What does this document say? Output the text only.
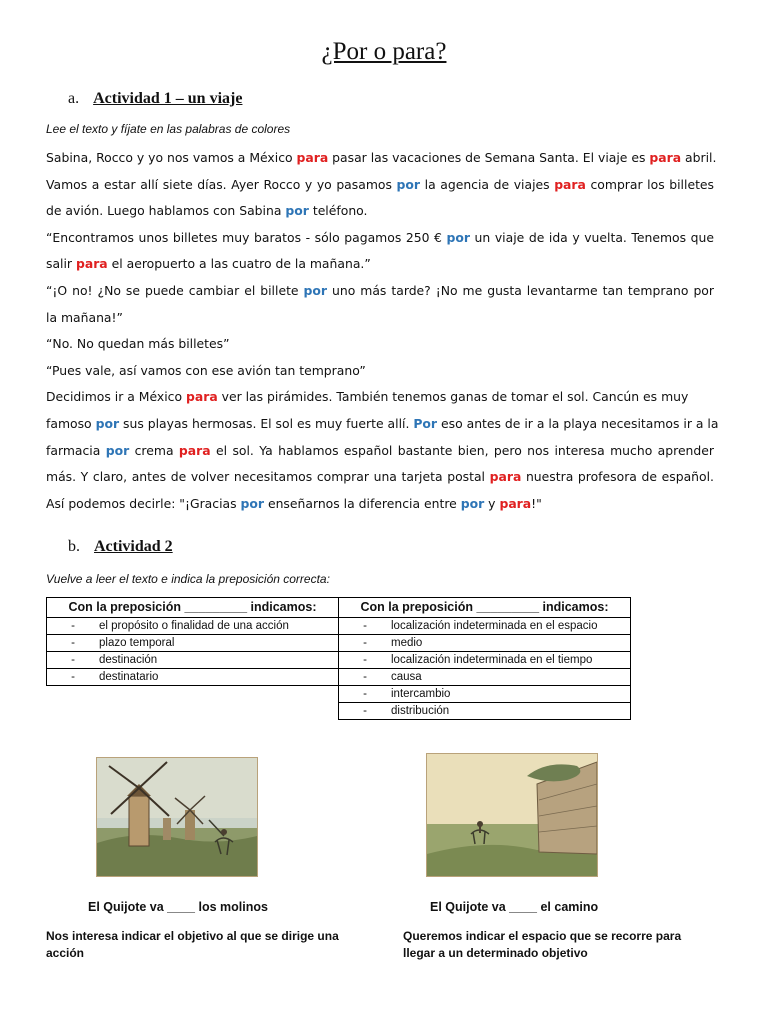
¿Por o para?
a. Actividad 1 – un viaje
Lee el texto y fíjate en las palabras de colores
Sabina, Rocco y yo nos vamos a México para pasar las vacaciones de Semana Santa. El viaje es para abril.
Vamos a estar allí siete días. Ayer Rocco y yo pasamos por la agencia de viajes para comprar los billetes
de avión. Luego hablamos con Sabina por teléfono.
“Encontramos unos billetes muy baratos - sólo pagamos 250 € por un viaje de ida y vuelta. Tenemos que
salir para el aeropuerto a las cuatro de la mañana.”
“¡O no! ¿No se puede cambiar el billete por uno más tarde? ¡No me gusta levantarme tan temprano por
la mañana!”
“No. No quedan más billetes”
“Pues vale, así vamos con ese avión tan temprano”
Decidimos ir a México para ver las pirámides. También tenemos ganas de tomar el sol. Cancún es muy
famoso por sus playas hermosas. El sol es muy fuerte allí. Por eso antes de ir a la playa necesitamos ir a la
farmacia por crema para el sol. Ya hablamos español bastante bien, pero nos interesa mucho aprender
más. Y claro, antes de volver necesitamos comprar una tarjeta postal para nuestra profesora de español.
Así podemos decirle: "¡Gracias por enseñarnos la diferencia entre por y para!"
b. Actividad 2
Vuelve a leer el texto e indica la preposición correcta:
Con la preposición _________ indicamos:
- el propósito o finalidad de una acción
- plazo temporal
- destinación
- destinatario
Con la preposición _________ indicamos:
- localización indeterminada en el espacio
- medio
- localización indeterminada en el tiempo
- causa
- intercambio
- distribución
El Quijote va ____ los molinos	El Quijote va ____ el camino
Nos interesa indicar el objetivo al que se dirige una acción
Queremos indicar el espacio que se recorre para llegar a un determinado objetivo
